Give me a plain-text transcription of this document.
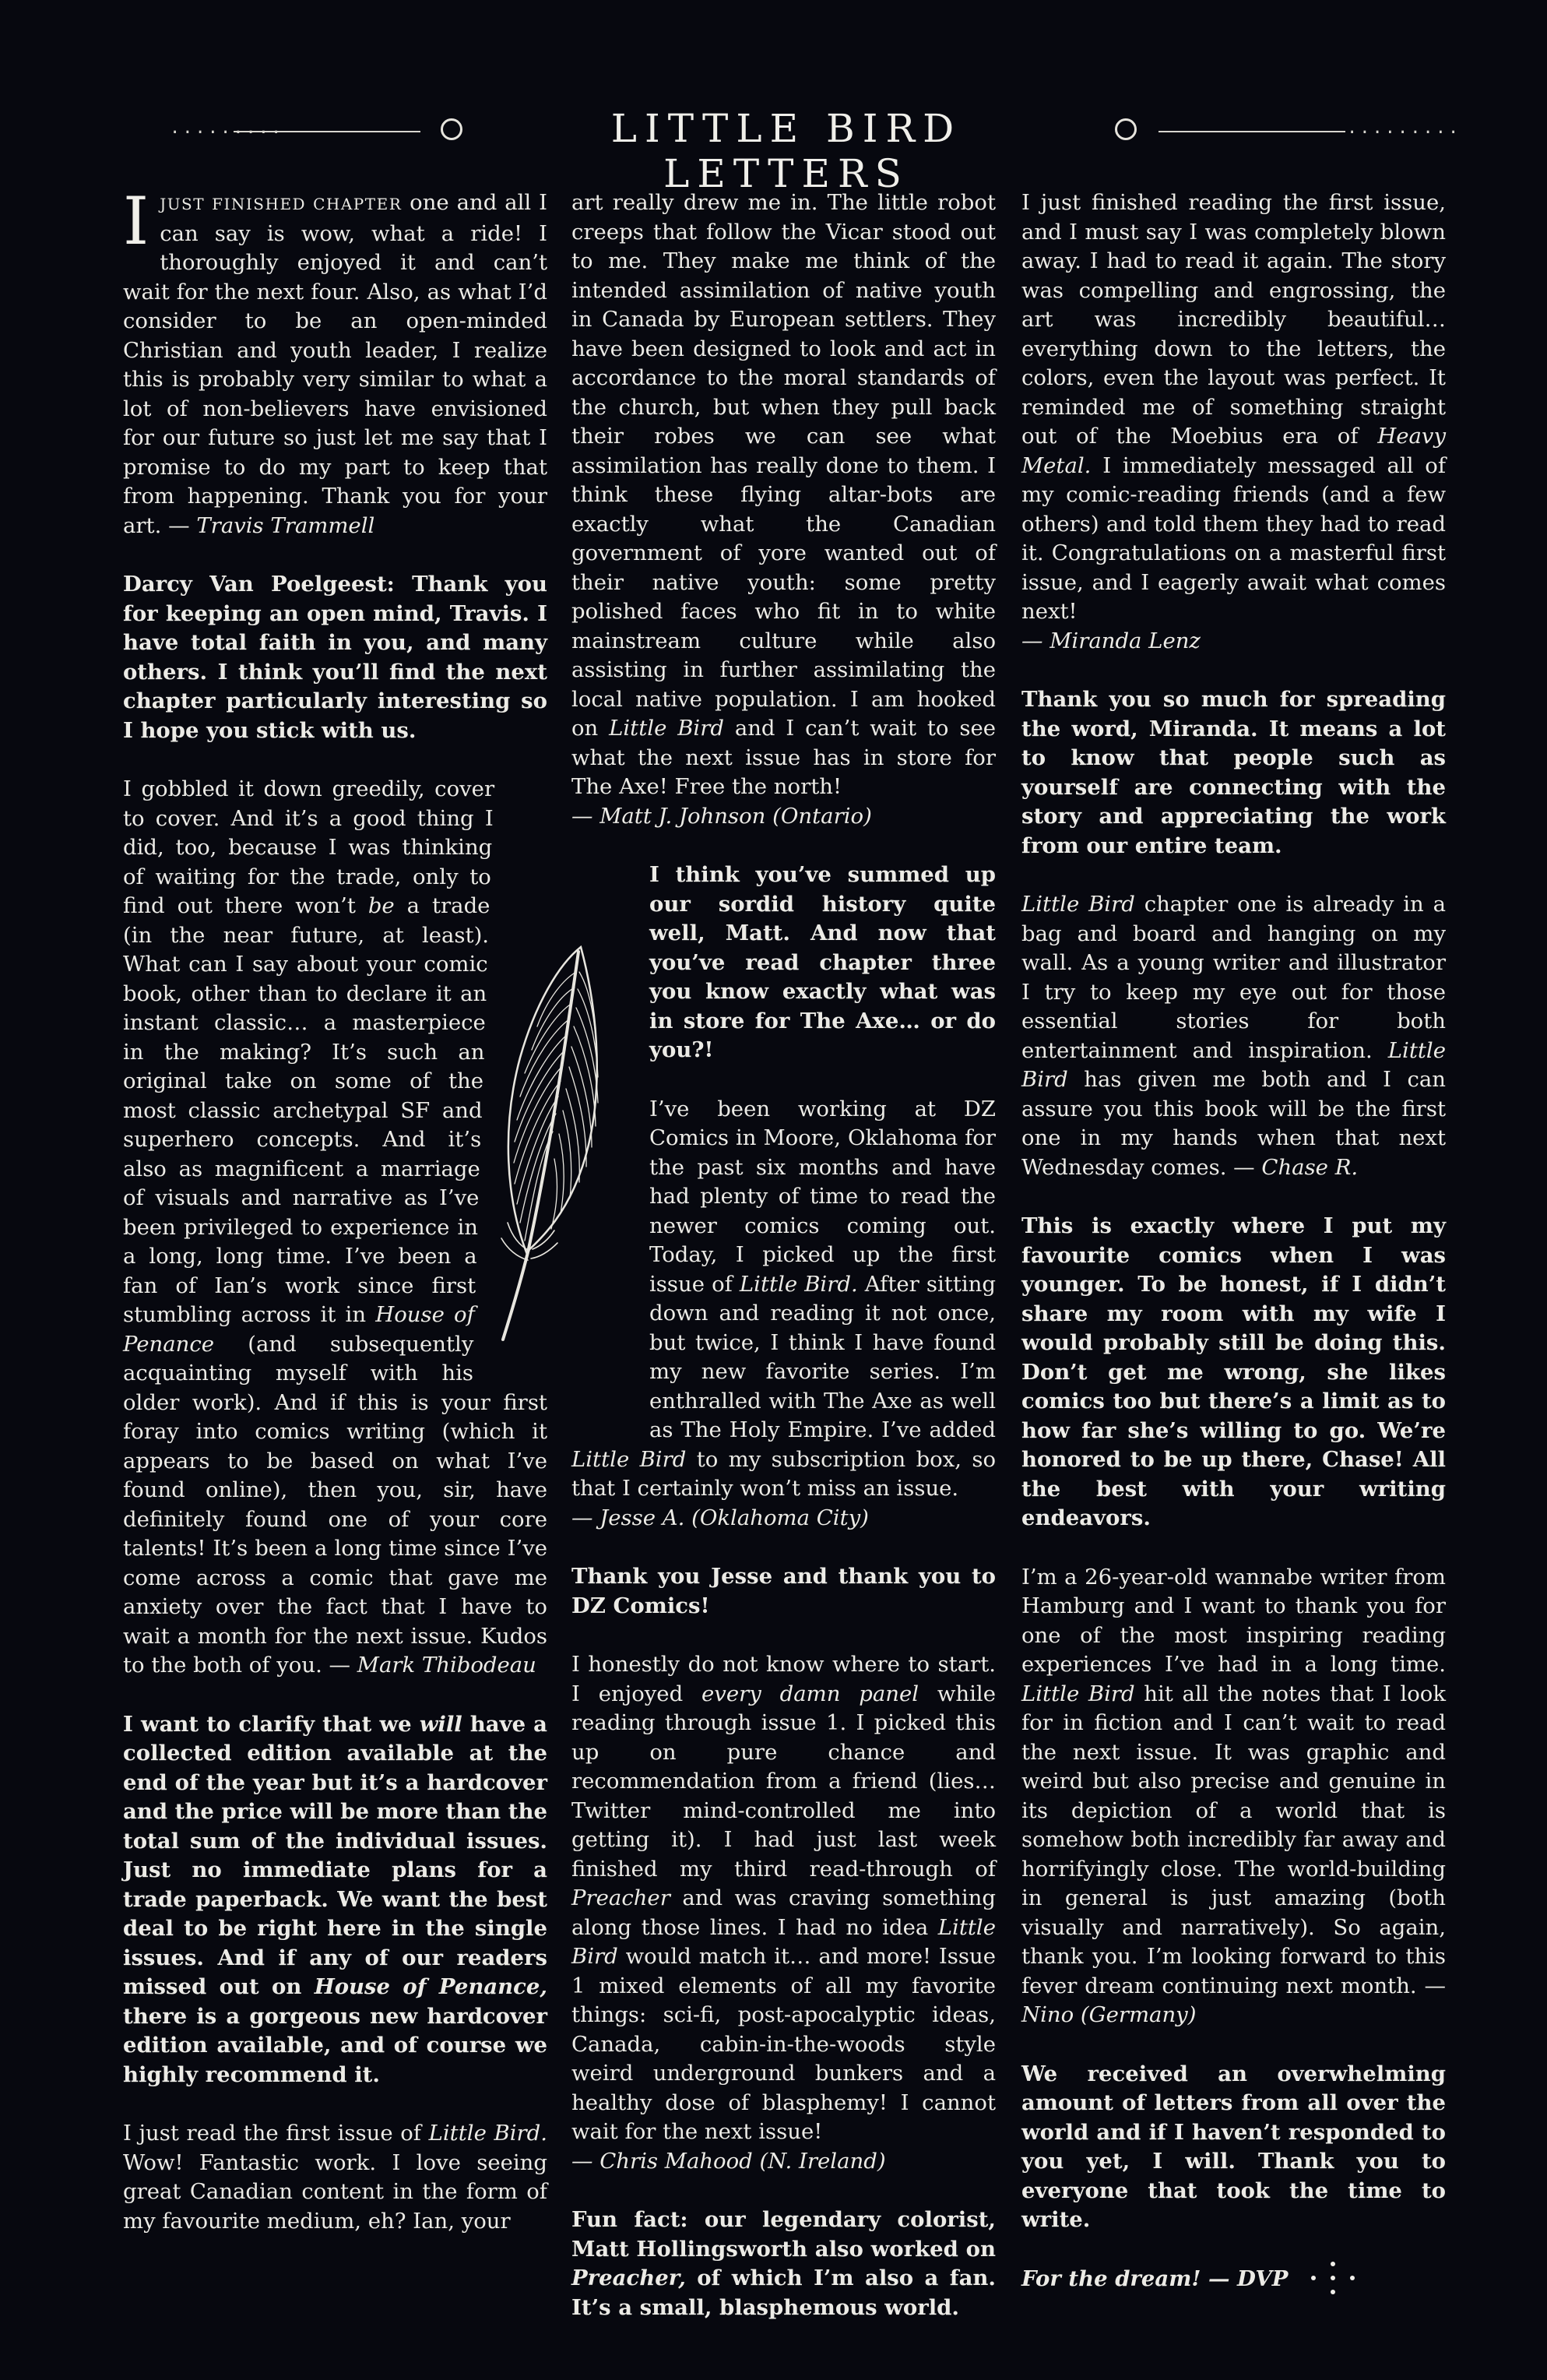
·········	LITTLE BIRD LETTERS
·········

IJUST FINISHED CHAPTER one and all I can say is wow, what a ride! I thoroughly enjoyed it and can’t wait for the next four. Also, as what I’d consider to be an open-minded Christian and youth leader, I realize this is probably very similar to what a lot of non-believers have envisioned for our future so just let me say that I promise to do my part to keep that from happening. Thank you for your art. — Travis Trammell

Darcy Van Poelgeest: Thank you for keeping an open mind, Travis. I have total faith in you, and many others. I think you’ll find the next chapter particularly interesting so I hope you stick with us.

I gobbled it down greedily, cover to cover. And it’s a good thing I did, too, because I was thinking of waiting for the trade, only to find out there won’t be a trade (in the near future, at least). What can I say about your comic book, other than to declare it an instant classic… a masterpiece in the making? It’s such an original take on some of the most classic archetypal SF and superhero concepts. And it’s also as magnificent a marriage of visuals and narrative as I’ve been privileged to experience in a long, long time. I’ve been a fan of Ian’s work since first stumbling across it in House of Penance (and subsequently acquainting myself with his older work). And if this is your first foray into comics writing (which it appears to be based on what I’ve found online), then you, sir, have definitely found one of your core talents! It’s been a long time since I’ve come across a comic that gave me anxiety over the fact that I have to wait a month for the next issue. Kudos to the both of you. — Mark Thibodeau

I want to clarify that we will have a collected edition available at the end of the year but it’s a hardcover and the price will be more than the total sum of the individual issues. Just no immediate plans for a trade paperback. We want the best deal to be right here in the single issues. And if any of our readers missed out on House of Penance, there is a gorgeous new hardcover edition available, and of course we highly recommend it.

I just read the first issue of Little Bird. Wow! Fantastic work. I love seeing great Canadian content in the form of my favourite medium, eh? Ian, your

art really drew me in. The little robot creeps that follow the Vicar stood out to me. They make me think of the intended assimilation of native youth in Canada by European settlers. They have been designed to look and act in accordance to the moral standards of the church, but when they pull back their robes we can see what assimilation has really done to them. I think these flying altar-bots are exactly what the Canadian government of yore wanted out of their native youth: some pretty polished faces who fit in to white mainstream culture while also assisting in further assimilating the local native population. I am hooked on Little Bird and I can’t wait to see what the next issue has in store for The Axe! Free the north!
— Matt J. Johnson (Ontario)

I think you’ve summed up our sordid history quite well, Matt. And now that you’ve read chapter three you know exactly what was in store for The Axe… or do you?!

I’ve been working at DZ Comics in Moore, Oklahoma for the past six months and have had plenty of time to read the newer comics coming out. Today, I picked up the first issue of Little Bird. After sitting down and reading it not once, but twice, I think I have found my new favorite series. I’m enthralled with The Axe as well as The Holy Empire. I’ve added Little Bird to my subscription box, so that I certainly won’t miss an issue.
— Jesse A. (Oklahoma City)

Thank you Jesse and thank you to DZ Comics!

I honestly do not know where to start. I enjoyed every damn panel while reading through issue 1. I picked this up on pure chance and recommendation from a friend (lies… Twitter mind-controlled me into getting it). I had just last week finished my third read-through of Preacher and was craving something along those lines. I had no idea Little Bird would match it… and more! Issue 1 mixed elements of all my favorite things: sci-fi, post-apocalyptic ideas, Canada, cabin-in-the-woods style weird underground bunkers and a healthy dose of blasphemy! I cannot wait for the next issue!
— Chris Mahood (N. Ireland)

Fun fact: our legendary colorist, Matt Hollingsworth also worked on Preacher, of which I’m also a fan. It’s a small, blasphemous world.

I just finished reading the first issue, and I must say I was completely blown away. I had to read it again. The story was compelling and engrossing, the art was incredibly beautiful… everything down to the letters, the colors, even the layout was perfect. It reminded me of something straight out of the Moebius era of Heavy Metal. I immediately messaged all of my comic-reading friends (and a few others) and told them they had to read it. Congratulations on a masterful first issue, and I eagerly await what comes next!
— Miranda Lenz

Thank you so much for spreading the word, Miranda. It means a lot to know that people such as yourself are connecting with the story and appreciating the work from our entire team.

Little Bird chapter one is already in a bag and board and hanging on my wall. As a young writer and illustrator I try to keep my eye out for those essential stories for both entertainment and inspiration. Little Bird has given me both and I can assure you this book will be the first one in my hands when that next Wednesday comes. — Chase R.

This is exactly where I put my favourite comics when I was younger. To be honest, if I didn’t share my room with my wife I would probably still be doing this. Don’t get me wrong, she likes comics too but there’s a limit as to how far she’s willing to go. We’re honored to be up there, Chase! All the best with your writing endeavors.

I’m a 26-year-old wannabe writer from Hamburg and I want to thank you for one of the most inspiring reading experiences I’ve had in a long time. Little Bird hit all the notes that I look for in fiction and I can’t wait to read the next issue. It was graphic and weird but also precise and genuine in its depiction of a world that is somehow both incredibly far away and horrifyingly close. The world-building in general is just amazing (both visually and narratively). So again, thank you. I’m looking forward to this fever dream continuing next month. — Nino (Germany)

We received an overwhelming amount of letters from all over the world and if I haven’t responded to you yet, I will. Thank you to everyone that took the time to write.

For the dream! — DVP
